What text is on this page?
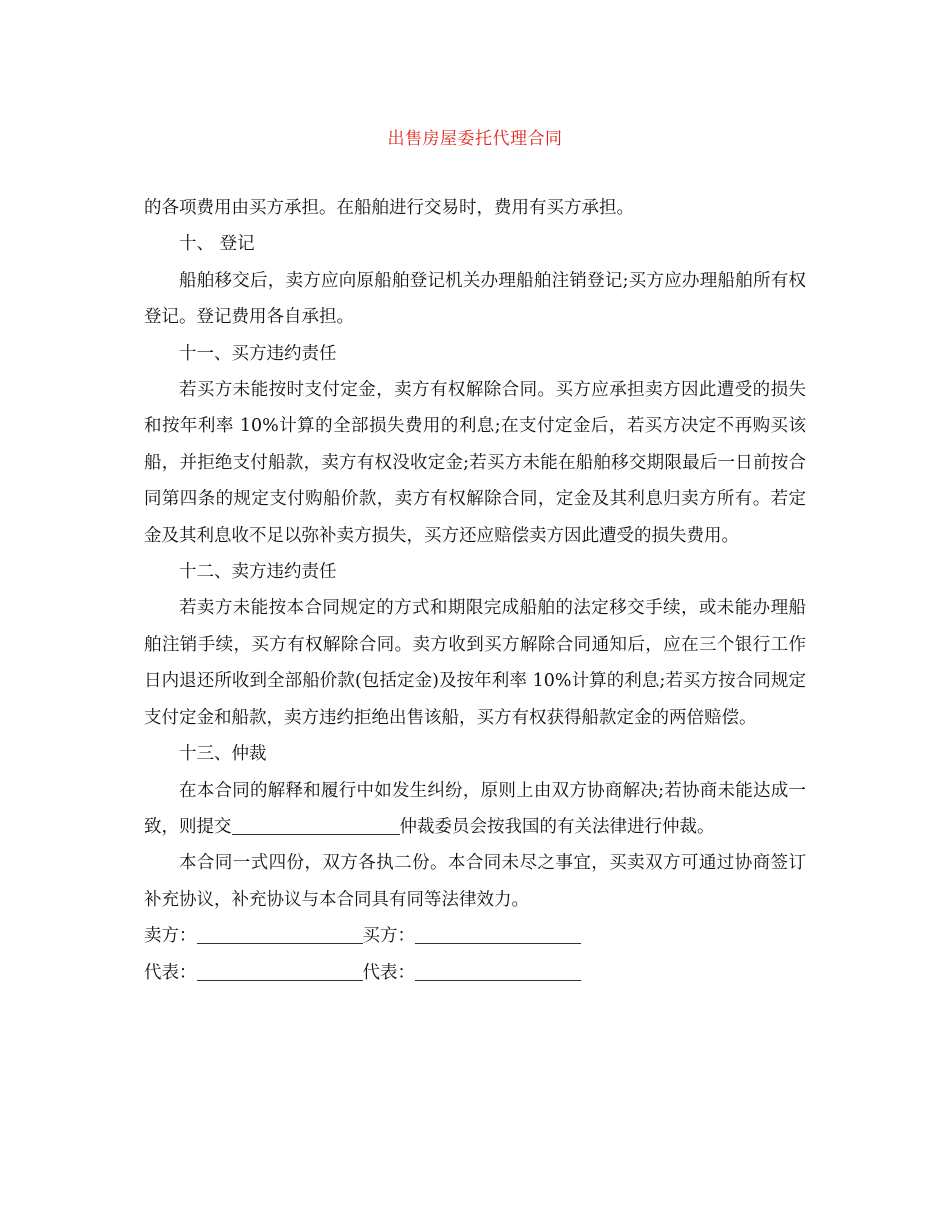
出售房屋委托代理合同

的各项费用由买方承担。在船舶进行交易时，费用有买方承担。

十、 登记

船舶移交后，卖方应向原船舶登记机关办理船舶注销登记;买方应办理船舶所有权登记。登记费用各自承担。

十一、买方违约责任

若买方未能按时支付定金，卖方有权解除合同。买方应承担卖方因此遭受的损失和按年利率 10%计算的全部损失费用的利息;在支付定金后，若买方决定不再购买该船，并拒绝支付船款，卖方有权没收定金;若买方未能在船舶移交期限最后一日前按合同第四条的规定支付购船价款，卖方有权解除合同，定金及其利息归卖方所有。若定金及其利息收不足以弥补卖方损失，买方还应赔偿卖方因此遭受的损失费用。

十二、卖方违约责任

若卖方未能按本合同规定的方式和期限完成船舶的法定移交手续，或未能办理船舶注销手续，买方有权解除合同。卖方收到买方解除合同通知后，应在三个银行工作日内退还所收到全部船价款(包括定金)及按年利率 10%计算的利息;若买方按合同规定支付定金和船款，卖方违约拒绝出售该船，买方有权获得船款定金的两倍赔偿。

十三、仲裁

在本合同的解释和履行中如发生纠纷，原则上由双方协商解决;若协商未能达成一致，则提交	仲裁委员会按我国的有关法律进行仲裁。

本合同一式四份，双方各执二份。本合同未尽之事宜，买卖双方可通过协商签订补充协议，补充协议与本合同具有同等法律效力。

卖方：	买方：

代表：	代表：
